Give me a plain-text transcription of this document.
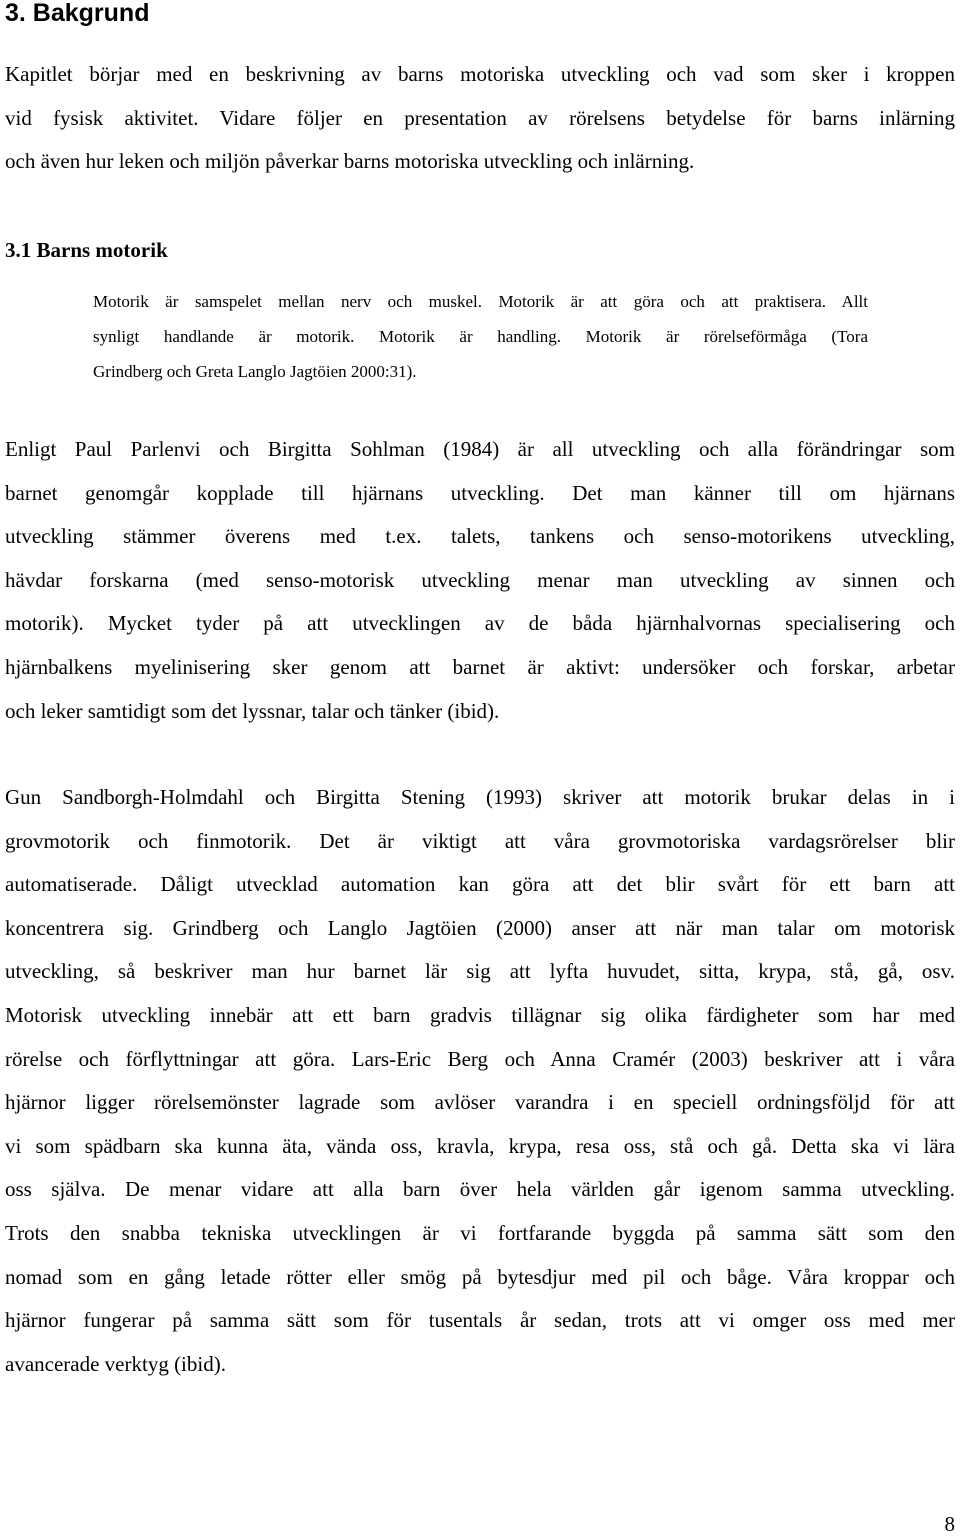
3. Bakgrund

Kapitlet börjar med en beskrivning av barns motoriska utveckling och vad som sker i kroppen
vid fysisk aktivitet. Vidare följer en presentation av rörelsens betydelse för barns inlärning
och även hur leken och miljön påverkar barns motoriska utveckling och inlärning.

3.1 Barns motorik

Motorik är samspelet mellan nerv och muskel. Motorik är att göra och att praktisera. Allt
synligt handlande är motorik. Motorik är handling. Motorik är rörelseförmåga (Tora
Grindberg och Greta Langlo Jagtöien 2000:31).

Enligt Paul Parlenvi och Birgitta Sohlman (1984) är all utveckling och alla förändringar som
barnet genomgår kopplade till hjärnans utveckling. Det man känner till om hjärnans
utveckling stämmer överens med t.ex. talets, tankens och senso-motorikens utveckling,
hävdar forskarna (med senso-motorisk utveckling menar man utveckling av sinnen och
motorik). Mycket tyder på att utvecklingen av de båda hjärnhalvornas specialisering och
hjärnbalkens myelinisering sker genom att barnet är aktivt: undersöker och forskar, arbetar
och leker samtidigt som det lyssnar, talar och tänker (ibid).

Gun Sandborgh-Holmdahl och Birgitta Stening (1993) skriver att motorik brukar delas in i
grovmotorik och finmotorik. Det är viktigt att våra grovmotoriska vardagsrörelser blir
automatiserade. Dåligt utvecklad automation kan göra att det blir svårt för ett barn att
koncentrera sig. Grindberg och Langlo Jagtöien (2000) anser att när man talar om motorisk
utveckling, så beskriver man hur barnet lär sig att lyfta huvudet, sitta, krypa, stå, gå, osv.
Motorisk utveckling innebär att ett barn gradvis tillägnar sig olika färdigheter som har med
rörelse och förflyttningar att göra. Lars-Eric Berg och Anna Cramér (2003) beskriver att i våra
hjärnor ligger rörelsemönster lagrade som avlöser varandra i en speciell ordningsföljd för att
vi som spädbarn ska kunna äta, vända oss, kravla, krypa, resa oss, stå och gå. Detta ska vi lära
oss själva. De menar vidare att alla barn över hela världen går igenom samma utveckling.
Trots den snabba tekniska utvecklingen är vi fortfarande byggda på samma sätt som den
nomad som en gång letade rötter eller smög på bytesdjur med pil och båge. Våra kroppar och
hjärnor fungerar på samma sätt som för tusentals år sedan, trots att vi omger oss med mer
avancerade verktyg (ibid).

8
